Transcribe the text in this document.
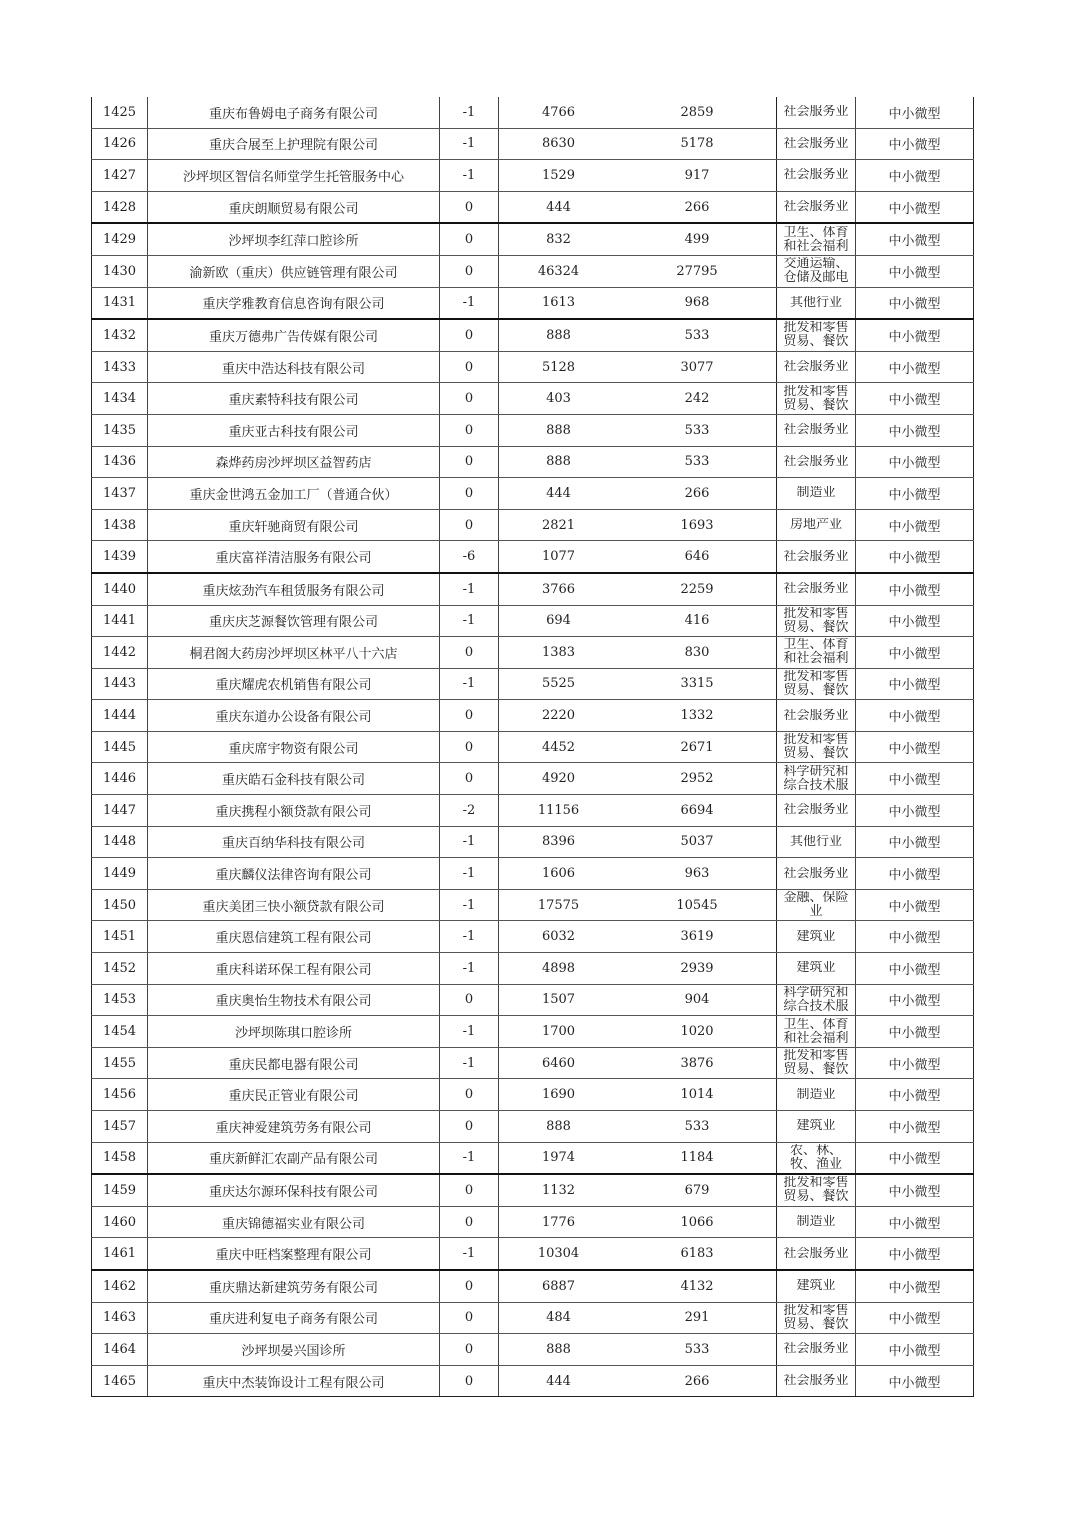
1425	重庆布鲁姆电子商务有限公司	-1	4766	2859	社会服务业	中小微型
1426	重庆合展至上护理院有限公司	-1	8630	5178	社会服务业	中小微型
1427	沙坪坝区智信名师堂学生托管服务中心	-1	1529	917	社会服务业	中小微型
1428	重庆朗顺贸易有限公司	0	444	266	社会服务业	中小微型
1429	沙坪坝李红萍口腔诊所	0	832	499	卫生、体育和社会福利	中小微型
1430	渝新欧（重庆）供应链管理有限公司	0	46324	27795	交通运输、仓储及邮电	中小微型
1431	重庆学雅教育信息咨询有限公司	-1	1613	968	其他行业	中小微型
1432	重庆万德弗广告传媒有限公司	0	888	533	批发和零售贸易、餐饮	中小微型
1433	重庆中浩达科技有限公司	0	5128	3077	社会服务业	中小微型
1434	重庆素特科技有限公司	0	403	242	批发和零售贸易、餐饮	中小微型
1435	重庆亚古科技有限公司	0	888	533	社会服务业	中小微型
1436	森烨药房沙坪坝区益智药店	0	888	533	社会服务业	中小微型
1437	重庆金世鸿五金加工厂（普通合伙）	0	444	266	制造业	中小微型
1438	重庆轩驰商贸有限公司	0	2821	1693	房地产业	中小微型
1439	重庆富祥清洁服务有限公司	-6	1077	646	社会服务业	中小微型
1440	重庆炫劲汽车租赁服务有限公司	-1	3766	2259	社会服务业	中小微型
1441	重庆庆芝源餐饮管理有限公司	-1	694	416	批发和零售贸易、餐饮	中小微型
1442	桐君阁大药房沙坪坝区林平八十六店	0	1383	830	卫生、体育和社会福利	中小微型
1443	重庆耀虎农机销售有限公司	-1	5525	3315	批发和零售贸易、餐饮	中小微型
1444	重庆东道办公设备有限公司	0	2220	1332	社会服务业	中小微型
1445	重庆席宇物资有限公司	0	4452	2671	批发和零售贸易、餐饮	中小微型
1446	重庆皓石金科技有限公司	0	4920	2952	科学研究和综合技术服	中小微型
1447	重庆携程小额贷款有限公司	-2	11156	6694	社会服务业	中小微型
1448	重庆百纳华科技有限公司	-1	8396	5037	其他行业	中小微型
1449	重庆麟仪法律咨询有限公司	-1	1606	963	社会服务业	中小微型
1450	重庆美团三快小额贷款有限公司	-1	17575	10545	金融、保险业	中小微型
1451	重庆恩信建筑工程有限公司	-1	6032	3619	建筑业	中小微型
1452	重庆科诺环保工程有限公司	-1	4898	2939	建筑业	中小微型
1453	重庆奥怡生物技术有限公司	0	1507	904	科学研究和综合技术服	中小微型
1454	沙坪坝陈琪口腔诊所	-1	1700	1020	卫生、体育和社会福利	中小微型
1455	重庆民都电器有限公司	-1	6460	3876	批发和零售贸易、餐饮	中小微型
1456	重庆民正管业有限公司	0	1690	1014	制造业	中小微型
1457	重庆神爱建筑劳务有限公司	0	888	533	建筑业	中小微型
1458	重庆新鲜汇农副产品有限公司	-1	1974	1184	农、林、牧、渔业	中小微型
1459	重庆达尔源环保科技有限公司	0	1132	679	批发和零售贸易、餐饮	中小微型
1460	重庆锦德福实业有限公司	0	1776	1066	制造业	中小微型
1461	重庆中旺档案整理有限公司	-1	10304	6183	社会服务业	中小微型
1462	重庆鼎达新建筑劳务有限公司	0	6887	4132	建筑业	中小微型
1463	重庆进利复电子商务有限公司	0	484	291	批发和零售贸易、餐饮	中小微型
1464	沙坪坝晏兴国诊所	0	888	533	社会服务业	中小微型
1465	重庆中杰装饰设计工程有限公司	0	444	266	社会服务业	中小微型
